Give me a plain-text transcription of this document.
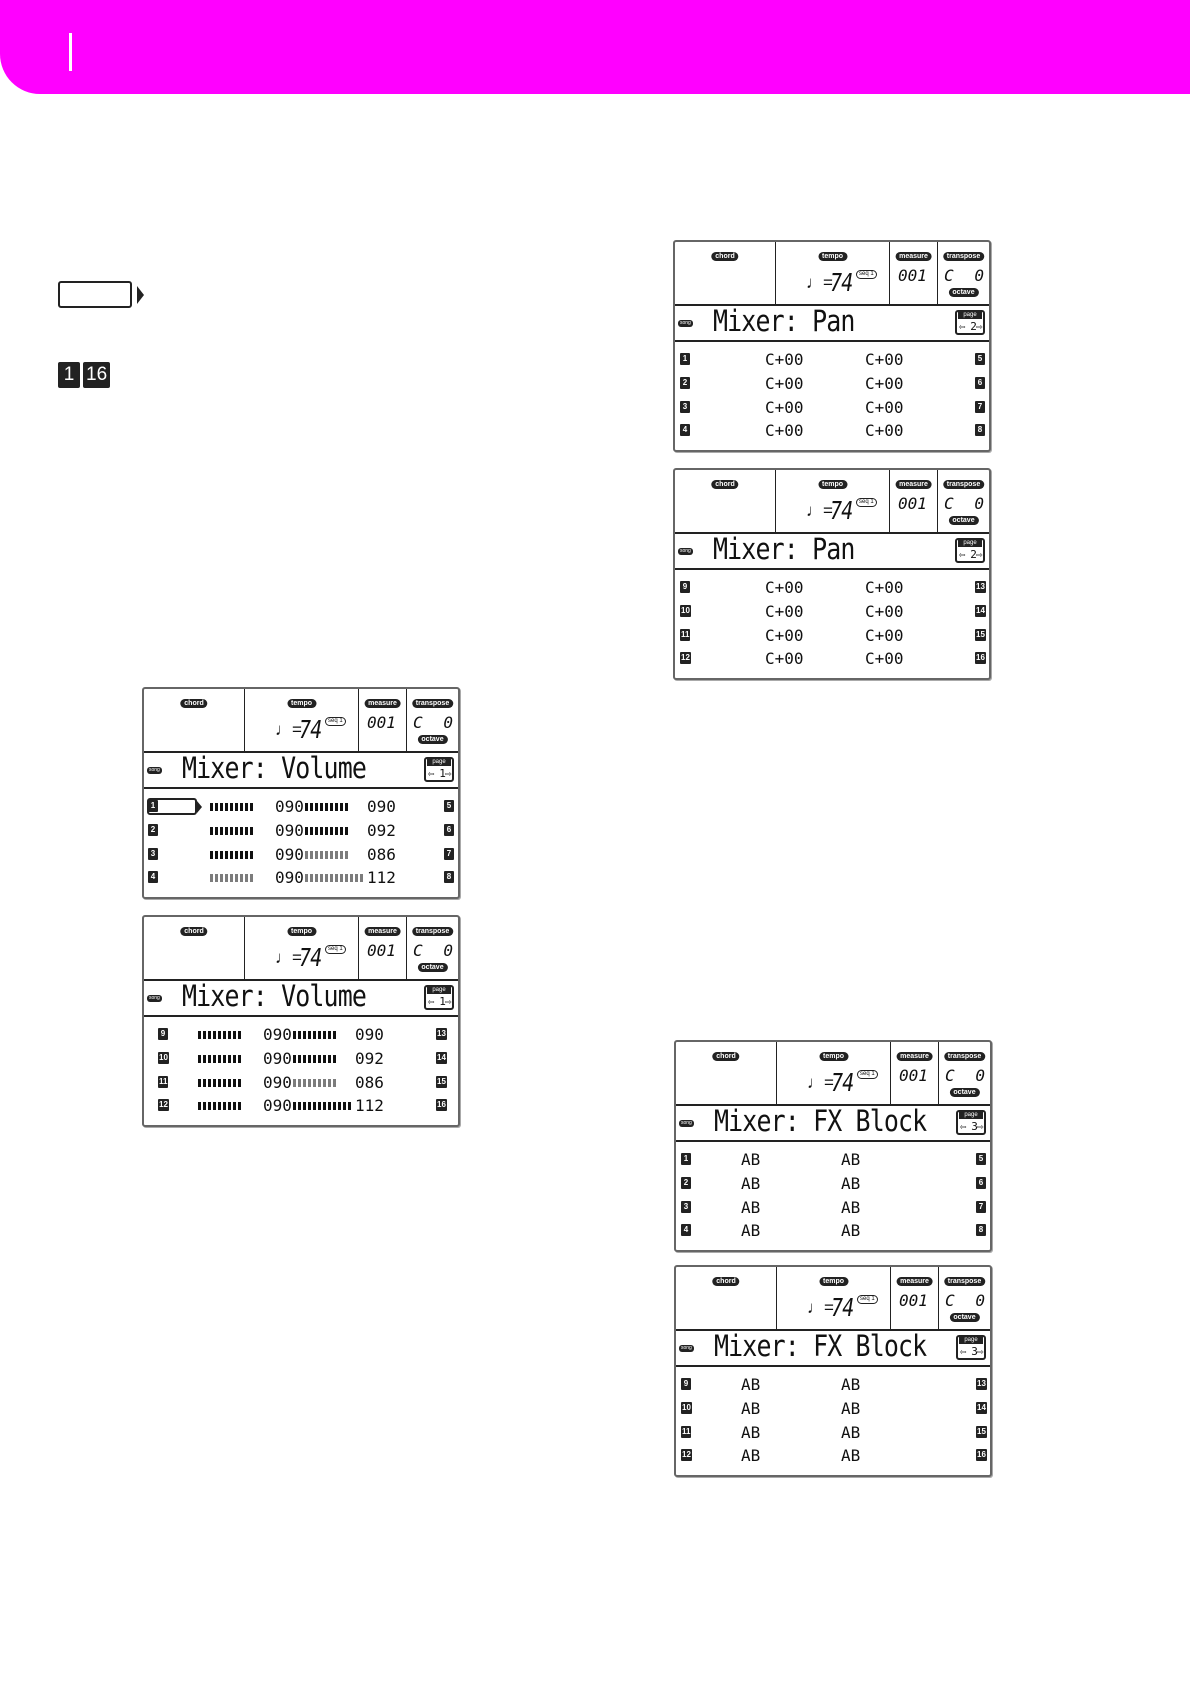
1 16
chord	tempo
♩=
74	seq 1
measure
001
transpose
C 0
octave
song Mixer: Volume	page
⇦ 1⇨
1	090	090	5
2	090	092	6
3	090	086	7
4	090	112	8
chord	tempo
♩=
74	seq 1
measure
001
transpose
C 0
octave
song Mixer: Volume	page
⇦ 1⇨
9	090	090	13
10	090	092	14
11	090	086	15
12	090	112	16
chord	tempo
♩=
74	seq 1
measure
001
transpose
C 0
octave
song Mixer: Pan	page
⇦ 2⇨
1	C+00	C+00	5
2	C+00	C+00	6
3	C+00	C+00	7
4	C+00	C+00	8
chord	tempo
♩=
74	seq 1
measure
001
transpose
C 0
octave
song Mixer: Pan	page
⇦ 2⇨
9	C+00	C+00	13
10	C+00	C+00	14
11	C+00	C+00	15
12	C+00	C+00	16
chord	tempo
♩=
74	seq 1
measure
001
transpose
C 0
octave
song Mixer: FX Block	page
⇦ 3⇨
1	AB	AB	5
2	AB	AB	6
3	AB	AB	7
4	AB	AB	8
chord	tempo
♩=
74	seq 1
measure
001
transpose
C 0
octave
song Mixer: FX Block	page
⇦ 3⇨
9	AB	AB	13
10	AB	AB	14
11	AB	AB	15
12	AB	AB	16
